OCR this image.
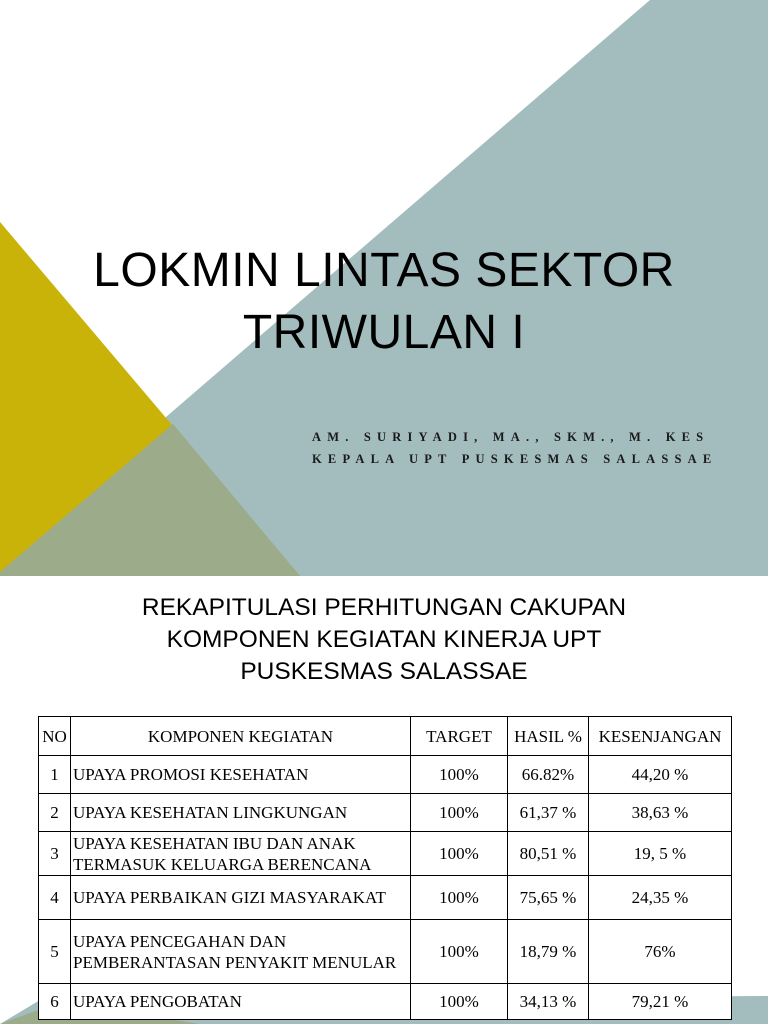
LOKMIN LINTAS SEKTOR
TRIWULAN I
AM. SURIYADI, MA., SKM., M. KES
KEPALA UPT PUSKESMAS SALASSAE
REKAPITULASI PERHITUNGAN CAKUPAN
KOMPONEN KEGIATAN KINERJA UPT
PUSKESMAS SALASSAE
NO	KOMPONEN KEGIATAN	TARGET	HASIL %	KESENJANGAN
1	UPAYA PROMOSI KESEHATAN	100%	66.82%	44,20 %
2	UPAYA KESEHATAN LINGKUNGAN	100%	61,37 %	38,63 %
3	UPAYA KESEHATAN IBU DAN ANAK TERMASUK KELUARGA BERENCANA	100%	80,51 %	19, 5 %
4	UPAYA PERBAIKAN GIZI MASYARAKAT	100%	75,65 %	24,35 %
5	UPAYA PENCEGAHAN DAN PEMBERANTASAN PENYAKIT MENULAR	100%	18,79 %	76%
6	UPAYA PENGOBATAN	100%	34,13 %	79,21 %
